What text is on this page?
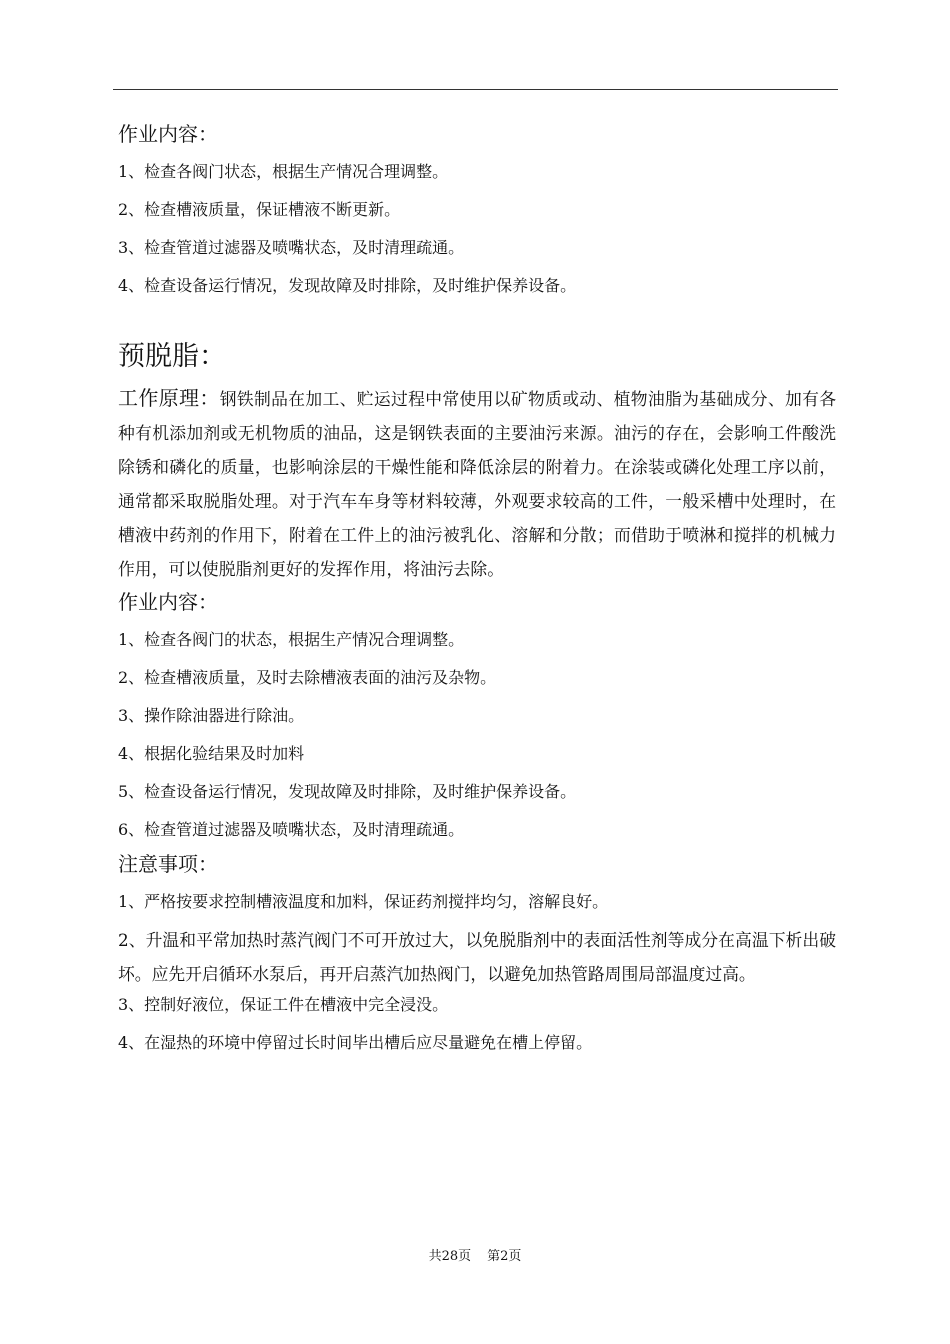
作业内容：
1、检查各阀门状态，根据生产情况合理调整。
2、检查槽液质量，保证槽液不断更新。
3、检查管道过滤器及喷嘴状态，及时清理疏通。
4、检查设备运行情况，发现故障及时排除，及时维护保养设备。
预脱脂：

工作原理：钢铁制品在加工、贮运过程中常使用以矿物质或动、植物油脂为基础成分、加有各种有机添加剂或无机物质的油品，这是钢铁表面的主要油污来源。油污的存在，会影响工件酸洗除锈和磷化的质量，也影响涂层的干燥性能和降低涂层的附着力。在涂装或磷化处理工序以前，通常都采取脱脂处理。对于汽车车身等材料较薄，外观要求较高的工件，一般采槽中处理时，在槽液中药剂的作用下，附着在工件上的油污被乳化、溶解和分散；而借助于喷淋和搅拌的机械力作用，可以使脱脂剂更好的发挥作用，将油污去除。

作业内容：
1、检查各阀门的状态，根据生产情况合理调整。
2、检查槽液质量，及时去除槽液表面的油污及杂物。
3、操作除油器进行除油。
4、根据化验结果及时加料
5、检查设备运行情况，发现故障及时排除，及时维护保养设备。
6、检查管道过滤器及喷嘴状态，及时清理疏通。
注意事项：
1、严格按要求控制槽液温度和加料，保证药剂搅拌均匀，溶解良好。

2、升温和平常加热时蒸汽阀门不可开放过大，以免脱脂剂中的表面活性剂等成分在高温下析出破坏。应先开启循环水泵后，再开启蒸汽加热阀门，以避免加热管路周围局部温度过高。

3、控制好液位，保证工件在槽液中完全浸没。
4、在湿热的环境中停留过长时间毕出槽后应尽量避免在槽上停留。
共28页 第2页
